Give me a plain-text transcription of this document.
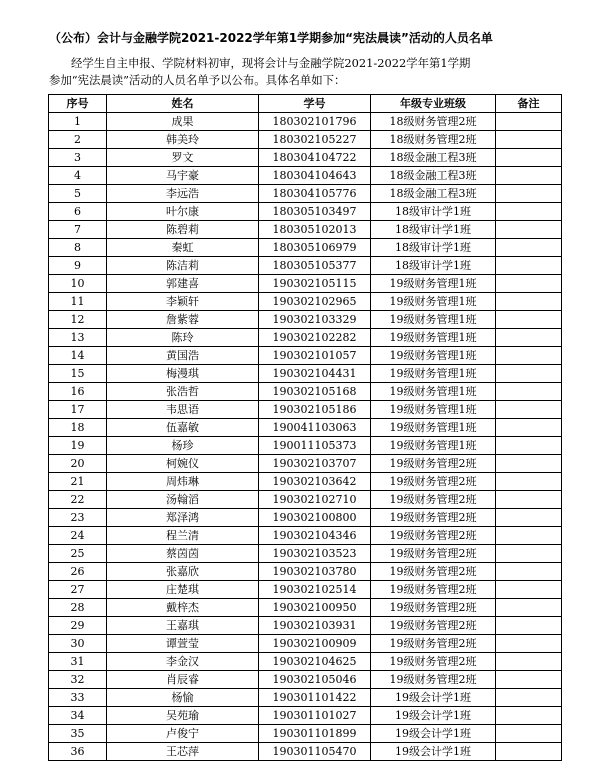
（公布）会计与金融学院2021-2022学年第1学期参加“宪法晨读”活动的人员名单

经学生自主申报、学院材料初审，现将会计与金融学院2021-2022学年第1学期

参加“宪法晨读”活动的人员名单予以公布。具体名单如下：

序号	姓名	学号	年级专业班级	备注
1	成果	180302101796	18级财务管理2班	
2	韩美玲	180302105227	18级财务管理2班	
3	罗文	180304104722	18级金融工程3班	
4	马宇豪	180304104643	18级金融工程3班	
5	李远浩	180304105776	18级金融工程3班	
6	叶尔康	180305103497	18级审计学1班	
7	陈碧莉	180305102013	18级审计学1班	
8	秦虹	180305106979	18级审计学1班	
9	陈洁莉	180305105377	18级审计学1班	
10	郭建喜	190302105115	19级财务管理1班	
11	李颖轩	190302102965	19级财务管理1班	
12	詹紫蓉	190302103329	19级财务管理1班	
13	陈玲	190302102282	19级财务管理1班	
14	黄国浩	190302101057	19级财务管理1班	
15	梅漫琪	190302104431	19级财务管理1班	
16	张浩哲	190302105168	19级财务管理1班	
17	韦思语	190302105186	19级财务管理1班	
18	伍嘉敏	190041103063	19级财务管理1班	
19	杨珍	190011105373	19级财务管理1班	
20	柯婉仪	190302103707	19级财务管理2班	
21	周炜琳	190302103642	19级财务管理2班	
22	汤翰滔	190302102710	19级财务管理2班	
23	郑泽鸿	190302100800	19级财务管理2班	
24	程兰清	190302104346	19级财务管理2班	
25	蔡茵茵	190302103523	19级财务管理2班	
26	张嘉欣	190302103780	19级财务管理2班	
27	庄楚琪	190302102514	19级财务管理2班	
28	戴梓杰	190302100950	19级财务管理2班	
29	王嘉琪	190302103931	19级财务管理2班	
30	谭萱莹	190302100909	19级财务管理2班	
31	李金汉	190302104625	19级财务管理2班	
32	肖辰睿	190302105046	19级财务管理2班	
33	杨愉	190301101422	19级会计学1班	
34	吴苑瑜	190301101027	19级会计学1班	
35	卢俊宁	190301101899	19级会计学1班	
36	王芯萍	190301105470	19级会计学1班	
